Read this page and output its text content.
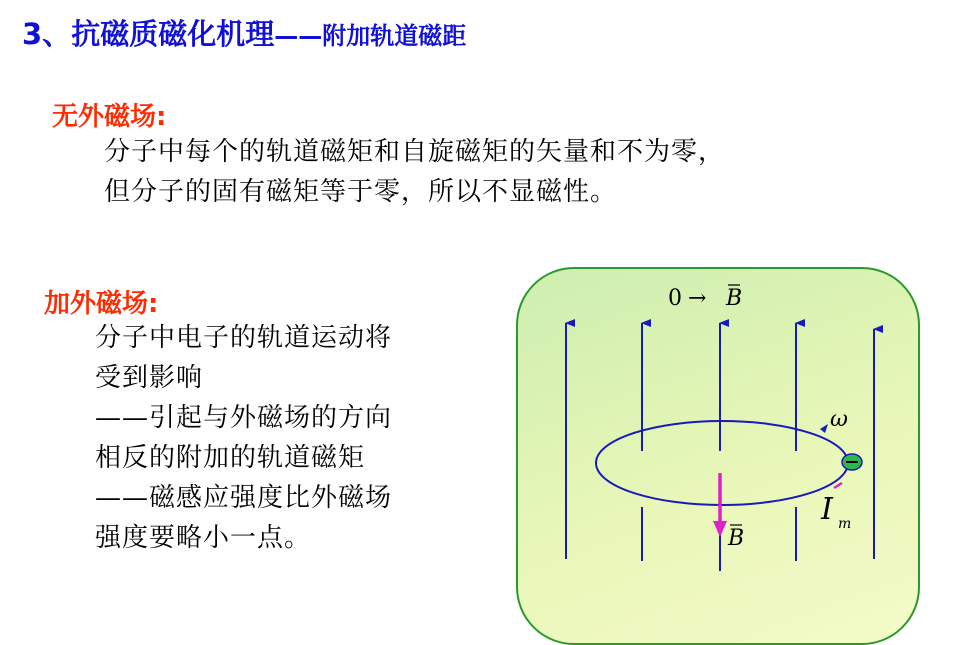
3、抗磁质磁化机理——附加轨道磁距
无外磁场:
分子中每个的轨道磁矩和自旋磁矩的矢量和不为零，
但分子的固有磁矩等于零，所以不显磁性。
加外磁场:
分子中电子的轨道运动将
受到影响
——引起与外磁场的方向
相反的附加的轨道磁矩
——磁感应强度比外磁场
强度要略小一点。
0 → B
ω
B
I m
